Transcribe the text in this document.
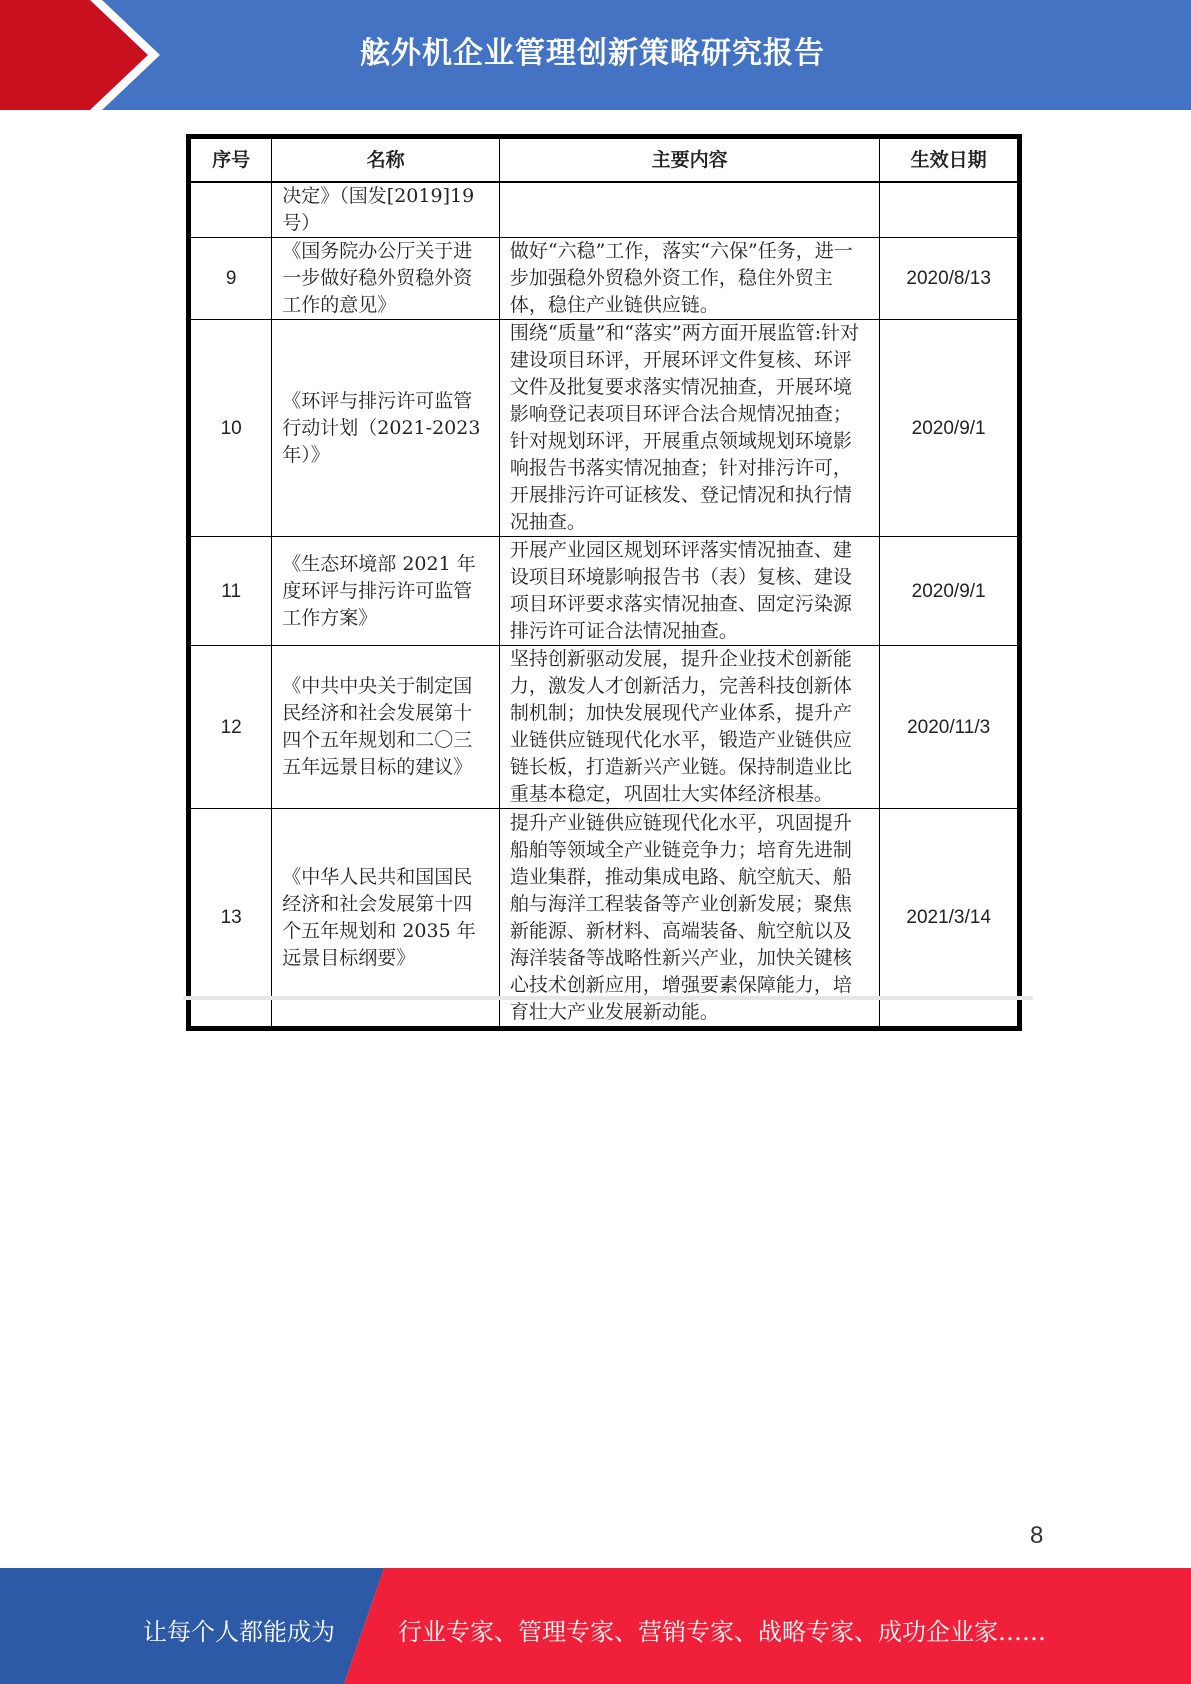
舷外机企业管理创新策略研究报告
序号	名称	主要内容	生效日期
	决定》（国发[2019]19号）		
9	《国务院办公厅关于进一步做好稳外贸稳外资工作的意见》	做好“六稳”工作，落实“六保”任务，进一步加强稳外贸稳外资工作，稳住外贸主体，稳住产业链供应链。	2020/8/13
10	《环评与排污许可监管行动计划（2021-2023年）》	围绕“质量”和“落实”两方面开展监管:针对建设项目环评，开展环评文件复核、环评文件及批复要求落实情况抽查，开展环境影响登记表项目环评合法合规情况抽查；针对规划环评，开展重点领域规划环境影响报告书落实情况抽查；针对排污许可，开展排污许可证核发、登记情况和执行情况抽查。	2020/9/1
11	《生态环境部 2021 年度环评与排污许可监管工作方案》	开展产业园区规划环评落实情况抽查、建设项目环境影响报告书（表）复核、建设项目环评要求落实情况抽查、固定污染源排污许可证合法情况抽查。	2020/9/1
12	《中共中央关于制定国民经济和社会发展第十四个五年规划和二〇三五年远景目标的建议》	坚持创新驱动发展，提升企业技术创新能力，激发人才创新活力，完善科技创新体制机制；加快发展现代产业体系，提升产业链供应链现代化水平，锻造产业链供应链长板，打造新兴产业链。保持制造业比重基本稳定，巩固壮大实体经济根基。	2020/11/3
13	《中华人民共和国国民经济和社会发展第十四个五年规划和 2035 年远景目标纲要》	提升产业链供应链现代化水平，巩固提升船舶等领域全产业链竞争力；培育先进制造业集群，推动集成电路、航空航天、船舶与海洋工程装备等产业创新发展；聚焦新能源、新材料、高端装备、航空航以及海洋装备等战略性新兴产业，加快关键核心技术创新应用，增强要素保障能力，培育壮大产业发展新动能。	2021/3/14
8
让每个人都能成为	行业专家、管理专家、营销专家、战略专家、成功企业家……
